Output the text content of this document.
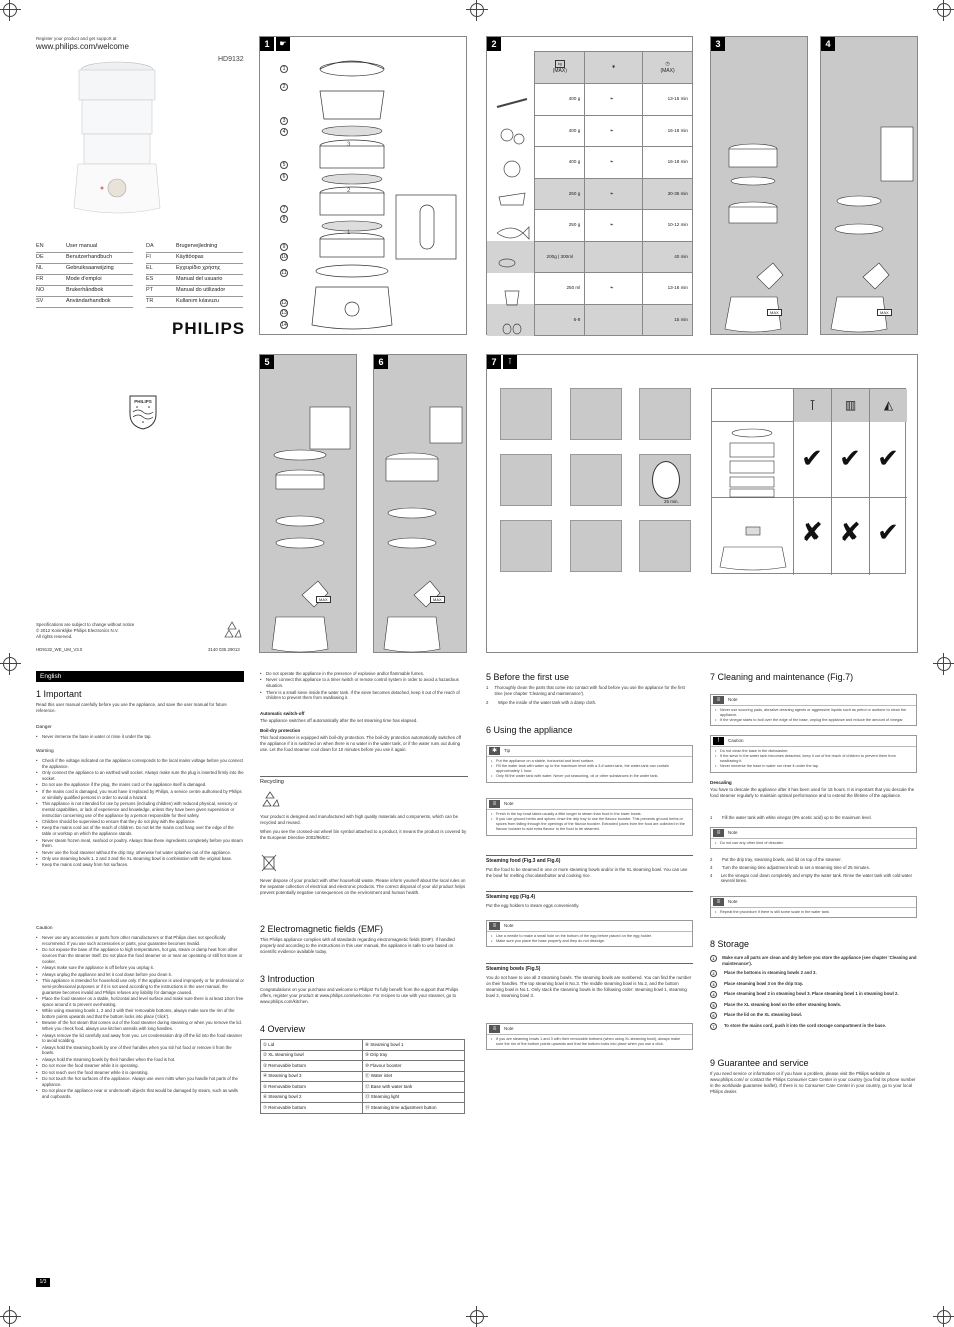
Register your product and get support at
www.philips.com/welcome
HD9132
EN	User manual
DE	Benutzerhandbuch
NL	Gebruiksaanwijzing
FR	Mode d'emploi
NO	Brukerhåndbok
SV	Användarhandbok
DA	Brugervejledning
FI	Käyttöopas
EL	Εγχειρίδιο χρήσης
ES	Manual del usuario
PT	Manual do utilizador
TR	Kullanım kılavuzu
PHILIPS
PHILIPS
Specifications are subject to change without notice
© 2012 Koninklijke Philips Electronics N.V.
All rights reserved.
HD9132_WE_UM_V3.0	3140 035 29013
1	☛
3
2
1
1
2
3
4
5
6
7
8
9
10
11
12
13
14
2

	kg
(MAX)	❦	◷
(MAX)

	400 g	❧	13-15 min
	400 g	❧	16-18 min
	400 g	❧	16-18 min
	250 g	❧	30-35 min
	250 g	❧	10-12 min
	200g | 300ml		40 min
	250 ml	❧	13-16 min
	6-8		15 min
3
MAX
4
MAX
5
MAX
6
MAX
7	⊺
25 min.
⊺	▥	◭
✔ ✔ ✔
✘ ✘ ✔
English
1 Important
Read this user manual carefully before you use the appliance, and save the user manual for future reference.
Danger
• Never immerse the base in water or rinse it under the tap.
Warning
• Check if the voltage indicated on the appliance corresponds to the local mains voltage before you connect the appliance.
• Only connect the appliance to an earthed wall socket. Always make sure the plug is inserted firmly into the socket.
• Do not use the appliance if the plug, the mains cord or the appliance itself is damaged.
• If the mains cord is damaged, you must have it replaced by Philips, a service centre authorised by Philips or similarly qualified persons in order to avoid a hazard.
• This appliance is not intended for use by persons (including children) with reduced physical, sensory or mental capabilities, or lack of experience and knowledge, unless they have been given supervision or instruction concerning use of the appliance by a person responsible for their safety.
• Children should be supervised to ensure that they do not play with the appliance.
• Keep the mains cord out of the reach of children. Do not let the mains cord hang over the edge of the table or worktop on which the appliance stands.
• Never steam frozen meat, seafood or poultry. Always thaw these ingredients completely before you steam them.
• Never use the food steamer without the drip tray, otherwise hot water splashes out of the appliance.
• Only use steaming bowls 1, 2 and 3 and the XL steaming bowl in combination with the original base.
• Keep the mains cord away from hot surfaces.
Caution
• Never use any accessories or parts from other manufacturers or that Philips does not specifically recommend. If you use such accessories or parts, your guarantee becomes invalid.
• Do not expose the base of the appliance to high temperatures, hot gas, steam or damp heat from other sources than the steamer itself. Do not place the food steamer on or near an operating or still hot stove or cooker.
• Always make sure the appliance is off before you unplug it.
• Always unplug the appliance and let it cool down before you clean it.
• This appliance is intended for household use only. If the appliance is used improperly or for professional or semi-professional purposes or if it is not used according to the instructions in the user manual, the guarantee becomes invalid and Philips refuses any liability for damage caused.
• Place the food steamer on a stable, horizontal and level surface and make sure there is at least 10cm free space around it to prevent overheating.
• While using steaming bowls 1, 2 and 3 with their removable bottoms, always make sure the rim of the bottom points upwards and that the bottom locks into place ('click').
• Beware of the hot steam that comes out of the food steamer during steaming or when you remove the lid. When you check food, always use kitchen utensils with long handles.
• Always remove the lid carefully and away from you. Let condensation drip off the lid into the food steamer to avoid scalding.
• Always hold the steaming bowls by one of their handles when you stir hot food or remove it from the bowls.
• Always hold the steaming bowls by their handles when the food is hot.
• Do not move the food steamer while it is operating.
• Do not reach over the food steamer while it is operating.
• Do not touch the hot surfaces of the appliance. Always use oven mitts when you handle hot parts of the appliance.
• Do not place the appliance near or underneath objects that would be damaged by steam, such as walls and cupboards.
1/3
• Do not operate the appliance in the presence of explosive and/or flammable fumes.
• Never connect this appliance to a timer switch or remote control system in order to avoid a hazardous situation.
• There is a small sieve inside the water tank. If the sieve becomes detached, keep it out of the reach of children to prevent them from swallowing it.
Automatic switch-off
The appliance switches off automatically after the set steaming time has elapsed.
Boil-dry protection
This food steamer is equipped with boil-dry protection. The boil-dry protection automatically switches off the appliance if it is switched on when there is no water in the water tank, or if the water runs out during use. Let the food steamer cool down for 10 minutes before you use it again.
Recycling
Your product is designed and manufactured with high quality materials and components, which can be recycled and reused.
When you see the crossed-out wheel bin symbol attached to a product, it means the product is covered by the European Directive 2002/96/EC:
Never dispose of your product with other household waste. Please inform yourself about the local rules on the separate collection of electrical and electronic products. The correct disposal of your old product helps prevent potentially negative consequences on the environment and human health.
2 Electromagnetic fields (EMF)
This Philips appliance complies with all standards regarding electromagnetic fields (EMF). If handled properly and according to the instructions in this user manual, the appliance is safe to use based on scientific evidence available today.
3 Introduction
Congratulations on your purchase and welcome to Philips! To fully benefit from the support that Philips offers, register your product at www.philips.com/welcome. For recipes to use with your steamer, go to www.philips.com/kitchen.
4 Overview
① Lid	⑧ Steaming bowl 1
② XL steaming bowl	⑨ Drip tray
③ Removable bottom	⑩ Flavour booster
④ Steaming bowl 3	⑪ Water inlet
⑤ Removable bottom	⑫ Base with water tank
⑥ Steaming bowl 2	⑬ Steaming light
⑦ Removable bottom	⑭ Steaming time adjustment button
5 Before the first use
1	Thoroughly clean the parts that come into contact with food before you use the appliance for the first time (see chapter 'Cleaning and maintenance').
2	Wipe the inside of the water tank with a damp cloth.
6 Using the appliance
✱	Tip
• Put the appliance on a stable, horizontal and level surface.
• Fill the water tank with water up to the maximum level with a 3-6 water-tank, the water-tank can contain approximately 1 hour.
• Only fill the water tank with water. Never put seasoning, oil or other substances in the water tank.
≡	Note
• Fresh in the top bowl takes usually a little longer to steam than food in the lower bowls.
• If you use ground herbs and spices: rinse the drip tray to use the flavour booster. This prevents ground herbs or spices from falling through the openings of the flavour booster. Extracted juices from the food are collected in the flavour booster to add extra flavour to the food to be steamed.
Steaming food (Fig.3 and Fig.6)
Put the food to be steamed in one or more steaming bowls and/or in the XL steaming bowl. You can use the bowl for melting chocolate/butter and cooking rice.
Steaming egg (Fig.4)
Put the egg holders to steam eggs conveniently.
≡	Note
• Use a needle to make a small hole on the bottom of the egg before placed on the egg holder.
• Make sure you place the base properly and they do not dislodge.
Steaming bowls (Fig.5)
You do not have to use all 3 steaming bowls. The steaming bowls are numbered. You can find the number on their handles. The top steaming bowl is No.3. The middle steaming bowl is No.2, and the bottom steaming bowl is No.1. Only stack the steaming bowls in the following order: steaming bowl 1, steaming bowl 2, steaming bowl 3.
≡	Note
• If you are steaming bowls 1 and 3 with their removable bottoms (when using XL steaming bowl), always make sure the rim of the bottom points upwards and that the bottom locks into place when you use a click.
7 Cleaning and maintenance (Fig.7)
≡	Note
• Never use scouring pads, abrasive cleaning agents or aggressive liquids such as petrol or acetone to clean the appliance.
• If the vinegar starts to boil over the edge of the base, unplug the appliance and reduce the amount of vinegar.
!	Caution
• Do not clean the base in the dishwasher.
• If the sieve in the water tank becomes detached, keep it out of the reach of children to prevent them from swallowing it.
• Never immerse the base in water nor rinse it under the tap.
Descaling
You have to descale the appliance after it has been used for 15 hours. It is important that you descale the food steamer regularly to maintain optimal performance and to extend the lifetime of the appliance.
1	Fill the water tank with white vinegar (8% acetic acid) up to the maximum level.
≡	Note
• Do not use any other kind of descaler.
2	Put the drip tray, steaming bowls, and lid on top of the steamer.
3	Turn the steaming time adjustment knob to set a steaming time of 25 minutes.
4	Let the vinegar cool down completely and empty the water tank. Rinse the water tank with cold water several times.
≡	Note
• Repeat the procedure if there is still some scale in the water tank.
8 Storage
1	Make sure all parts are clean and dry before you store the appliance (see chapter 'Cleaning and maintenance').
2	Place the bottoms in steaming bowls 2 and 3.
3	Place steaming bowl 3 on the drip tray.
4	Place steaming bowl 2 in steaming bowl 3. Place steaming bowl 1 in steaming bowl 2.
5	Place the XL steaming bowl on the other steaming bowls.
6	Place the lid on the XL steaming bowl.
7	To store the mains cord, push it into the cord storage compartment in the base.
9 Guarantee and service
If you need service or information or if you have a problem, please visit the Philips website at www.philips.com/ or contact the Philips Consumer Care Center in your country (you find its phone number in the worldwide guarantee leaflet). If there is no Consumer Care Center in your country, go to your local Philips dealer.
